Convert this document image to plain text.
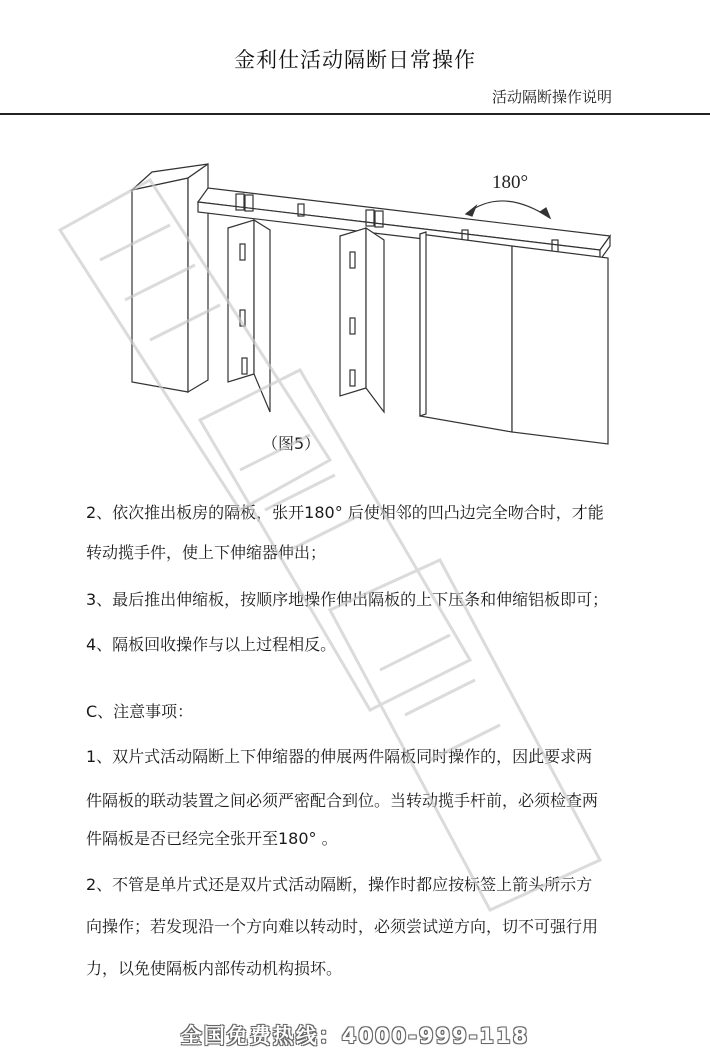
金利仕活动隔断日常操作
活动隔断操作说明
180°
（图5）
2、依次推出板房的隔板，张开180° 后使相邻的凹凸边完全吻合时，才能
转动揽手件，使上下伸缩器伸出；
3、最后推出伸缩板，按顺序地操作伸出隔板的上下压条和伸缩铝板即可；
4、隔板回收操作与以上过程相反。
C、注意事项：
1、双片式活动隔断上下伸缩器的伸展两件隔板同时操作的，因此要求两
件隔板的联动装置之间必须严密配合到位。当转动揽手杆前，必须检查两
件隔板是否已经完全张开至180° 。
2、不管是单片式还是双片式活动隔断，操作时都应按标签上箭头所示方
向操作；若发现沿一个方向难以转动时，必须尝试逆方向，切不可强行用
力，以免使隔板内部传动机构损坏。
全国免费热线：4000-999-118
